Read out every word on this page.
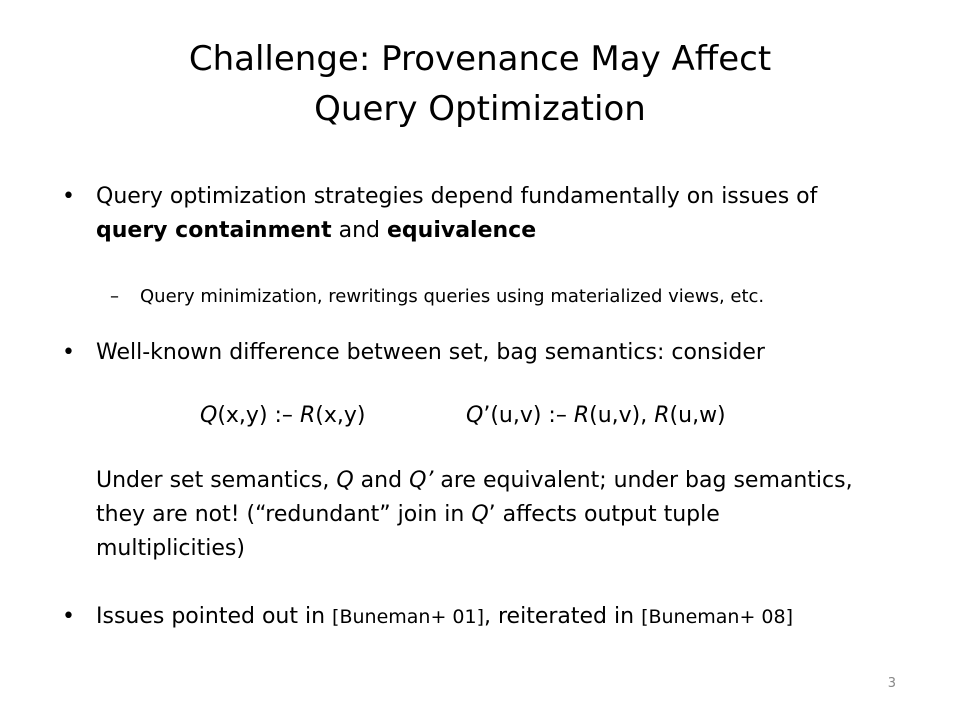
Challenge: Provenance May Affect
Query Optimization
• Query optimization strategies depend fundamentally on issues of query containment and equivalence
– Query minimization, rewritings queries using materialized views, etc.
• Well-known difference between set, bag semantics: consider
Q(x,y) :– R(x,y)	Q’(u,v) :– R(u,v), R(u,w)
Under set semantics, Q and Q’ are equivalent; under bag semantics, they are not! (“redundant” join in Q’ affects output tuple multiplicities)
• Issues pointed out in [Buneman+ 01], reiterated in [Buneman+ 08]
3
